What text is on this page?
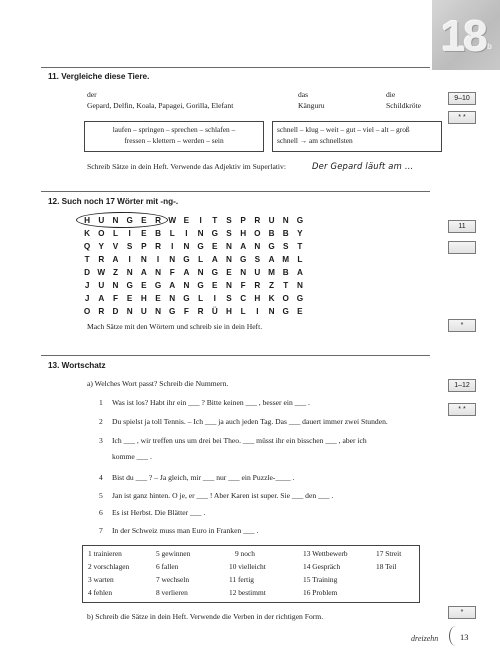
18 b
11. Vergleiche diese Tiere.
der	das	die
Gepard, Delfin, Koala, Papagei, Gorilla, Elefant	Känguru	Schildkröte
9–10
* *
laufen – springen – sprechen – schlafen –
fressen – klettern – werden – sein
schnell – klug – weit – gut – viel – alt – groß
schnell → am schnellsten
Schreib Sätze in dein Heft. Verwende das Adjektiv im Superlativ:	Der Gepard läuft am …
12. Such noch 17 Wörter mit -ng-.
11
H U N G E R W E I T S P R U N G
K O L I E B L I N G S H O B B Y
Q Y V S P R I N G E N A N G S T
T R A I N I N G L A N G S A M L
D W Z N A N F A N G E N U M B A
J U N G E G A N G E N F R Z T N
J A F E H E N G L I S C H K O G
O R D N U N G F R Ü H L I N G E
Mach Sätze mit den Wörtern und schreib sie in dein Heft.	*
13. Wortschatz
a) Welches Wort passt? Schreib die Nummern.	1–12
* *
1 Was ist los? Habt ihr ein ___ ? Bitte keinen ___ , besser ein ___ .
2 Du spielst ja toll Tennis. – Ich ___ ja auch jeden Tag. Das ___ dauert immer zwei Stunden.
3 Ich ___ , wir treffen uns um drei bei Theo. ___ müsst ihr ein bisschen ___ , aber ich
komme ___ .
4 Bist du ___ ? – Ja gleich, mir ___ nur ___ ein Puzzle-____ .
5 Jan ist ganz hinten. O je, er ___ ! Aber Karen ist super. Sie ___ den ___ .
6 Es ist Herbst. Die Blätter ___ .
7 In der Schweiz muss man Euro in Franken ___ .
1 trainieren	5 gewinnen	9 noch	13 Wettbewerb	17 Streit
2 vorschlagen	6 fallen	10 vielleicht	14 Gespräch	18 Teil
3 warten	7 wechseln	11 fertig	15 Training
4 fehlen	8 verlieren	12 bestimmt	16 Problem
b) Schreib die Sätze in dein Heft. Verwende die Verben in der richtigen Form.	*
dreizehn	13
